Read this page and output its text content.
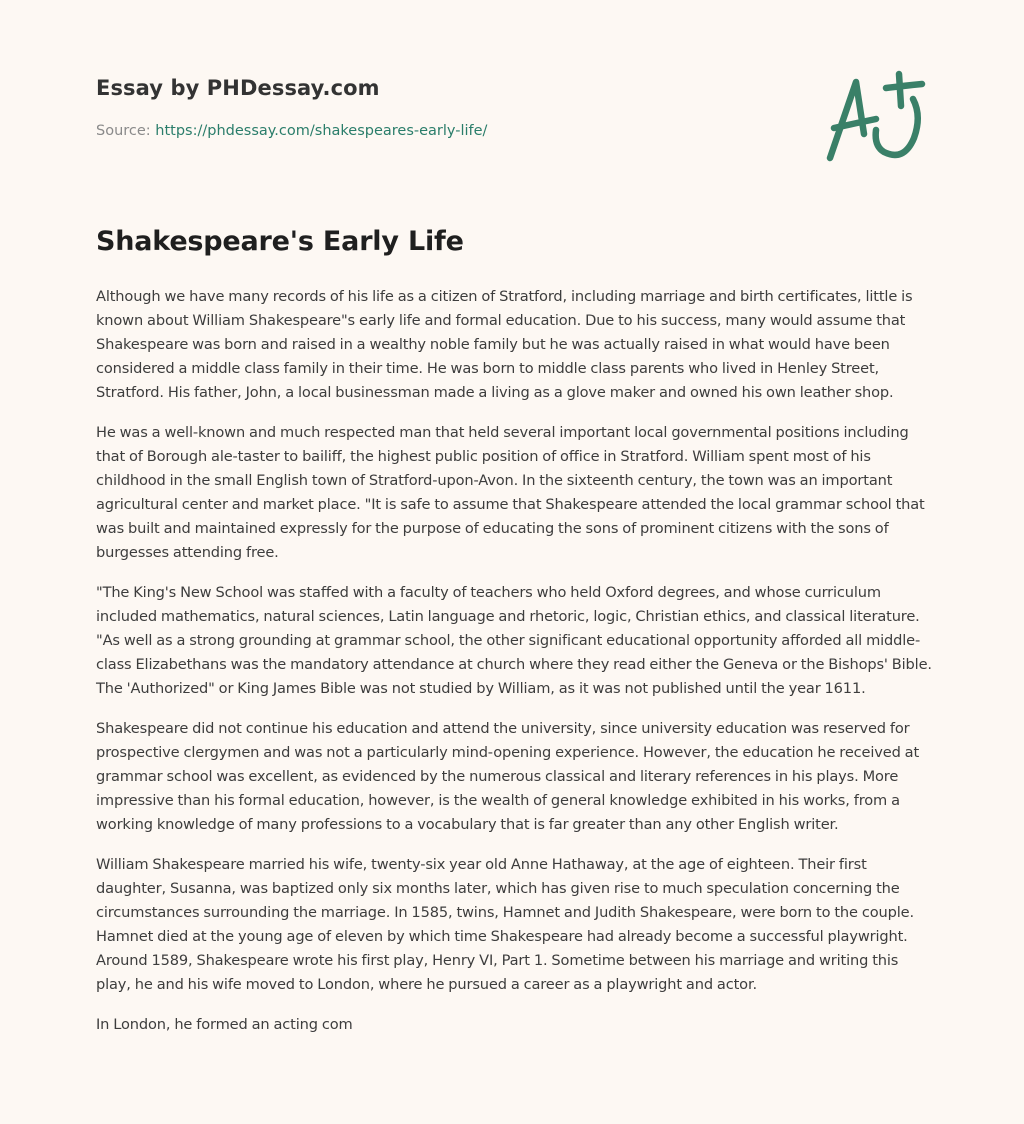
Essay by PHDessay.com

Source: https://phdessay.com/shakespeares-early-life/

Shakespeare's Early Life

Although we have many records of his life as a citizen of Stratford, including marriage and birth certificates, little is known about William Shakespeare"s early life and formal education. Due to his success, many would assume that Shakespeare was born and raised in a wealthy noble family but he was actually raised in what would have been considered a middle class family in their time. He was born to middle class parents who lived in Henley Street, Stratford. His father, John, a local businessman made a living as a glove maker and owned his own leather shop.

He was a well-known and much respected man that held several important local governmental positions including that of Borough ale-taster to bailiff, the highest public position of office in Stratford. William spent most of his childhood in the small English town of Stratford-upon-Avon. In the sixteenth century, the town was an important agricultural center and market place. "It is safe to assume that Shakespeare attended the local grammar school that was built and maintained expressly for the purpose of educating the sons of prominent citizens with the sons of burgesses attending free.

"The King's New School was staffed with a faculty of teachers who held Oxford degrees, and whose curriculum included mathematics, natural sciences, Latin language and rhetoric, logic, Christian ethics, and classical literature. "As well as a strong grounding at grammar school, the other significant educational opportunity afforded all middle-class Elizabethans was the mandatory attendance at church where they read either the Geneva or the Bishops' Bible. The 'Authorized" or King James Bible was not studied by William, as it was not published until the year 1611.

Shakespeare did not continue his education and attend the university, since university education was reserved for prospective clergymen and was not a particularly mind-opening experience. However, the education he received at grammar school was excellent, as evidenced by the numerous classical and literary references in his plays. More impressive than his formal education, however, is the wealth of general knowledge exhibited in his works, from a working knowledge of many professions to a vocabulary that is far greater than any other English writer.

William Shakespeare married his wife, twenty-six year old Anne Hathaway, at the age of eighteen. Their first daughter, Susanna, was baptized only six months later, which has given rise to much speculation concerning the circumstances surrounding the marriage. In 1585, twins, Hamnet and Judith Shakespeare, were born to the couple. Hamnet died at the young age of eleven by which time Shakespeare had already become a successful playwright. Around 1589, Shakespeare wrote his first play, Henry VI, Part 1. Sometime between his marriage and writing this play, he and his wife moved to London, where he pursued a career as a playwright and actor.

In London, he formed an acting com
